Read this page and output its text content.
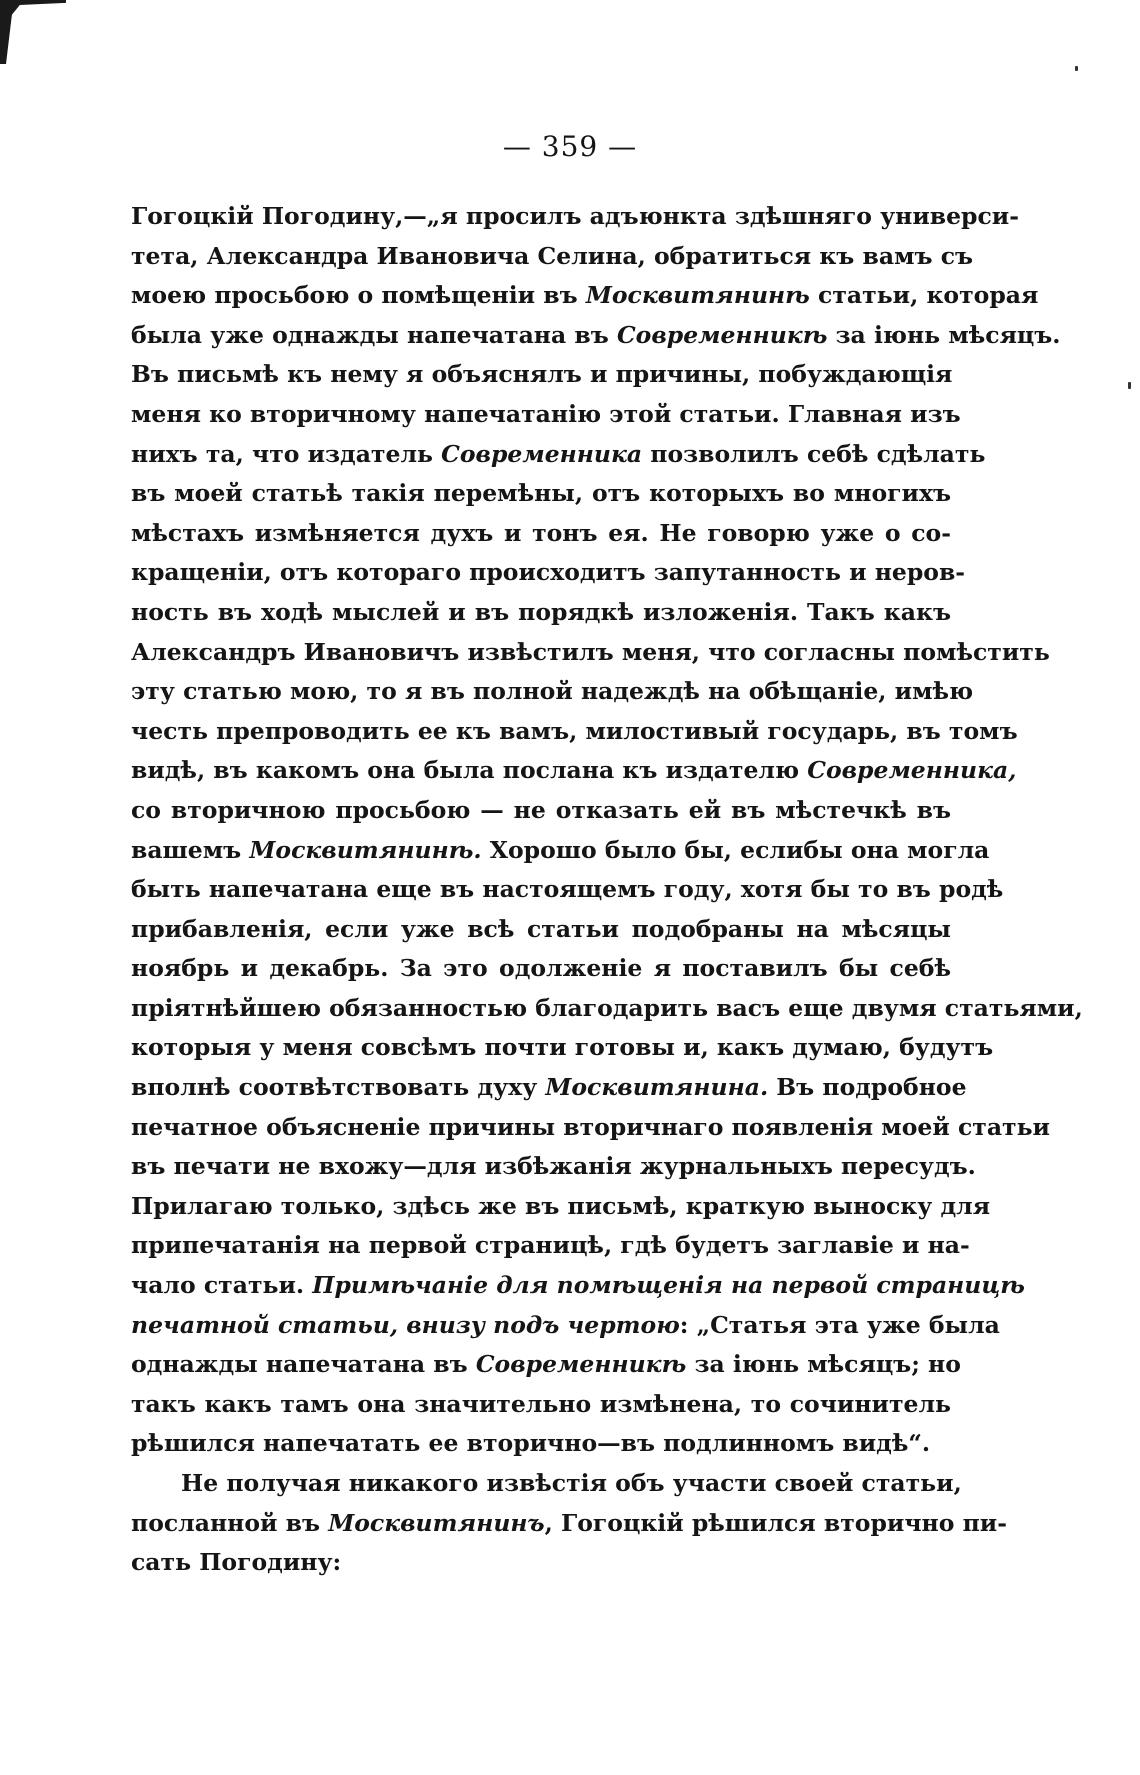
— 359 —
Гогоцкій Погодину,—„я просилъ адъюнкта здѣшняго универси-
тета, Александра Ивановича Селина, обратиться къ вамъ съ
моею просьбою о помѣщеніи въ Москвитянинѣ статьи, которая
была уже однажды напечатана въ Современникѣ за іюнь мѣсяцъ.
Въ письмѣ къ нему я объяснялъ и причины, побуждающія
меня ко вторичному напечатанію этой статьи. Главная изъ
нихъ та, что издатель Современника позволилъ себѣ сдѣлать
въ моей статьѣ такія перемѣны, отъ которыхъ во многихъ
мѣстахъ измѣняется духъ и тонъ ея. Не говорю уже о со-
кращеніи, отъ котораго происходитъ запутанность и неров-
ность въ ходѣ мыслей и въ порядкѣ изложенія. Такъ какъ
Александръ Ивановичъ извѣстилъ меня, что согласны помѣстить
эту статью мою, то я въ полной надеждѣ на обѣщаніе, имѣю
честь препроводить ее къ вамъ, милостивый государь, въ томъ
видѣ, въ какомъ она была послана къ издателю Современника,
со вторичною просьбою — не отказать ей въ мѣстечкѣ въ
вашемъ Москвитянинѣ. Хорошо было бы, еслибы она могла
быть напечатана еще въ настоящемъ году, хотя бы то въ родѣ
прибавленія, если уже всѣ статьи подобраны на мѣсяцы
ноябрь и декабрь. За это одолженіе я поставилъ бы себѣ
пріятнѣйшею обязанностью благодарить васъ еще двумя статьями,
которыя у меня совсѣмъ почти готовы и, какъ думаю, будутъ
вполнѣ соотвѣтствовать духу Москвитянина. Въ подробное
печатное объясненіе причины вторичнаго появленія моей статьи
въ печати не вхожу—для избѣжанія журнальныхъ пересудъ.
Прилагаю только, здѣсь же въ письмѣ, краткую выноску для
припечатанія на первой страницѣ, гдѣ будетъ заглавіе и на-
чало статьи. Примѣчаніе для помѣщенія на первой страницѣ
печатной статьи, внизу подъ чертою: „Статья эта уже была
однажды напечатана въ Современникѣ за іюнь мѣсяцъ; но
такъ какъ тамъ она значительно измѣнена, то сочинитель
рѣшился напечатать ее вторично—въ подлинномъ видѣ“.
Не получая никакого извѣстія объ участи своей статьи,
посланной въ Москвитянинъ, Гогоцкій рѣшился вторично пи-
сать Погодину:
